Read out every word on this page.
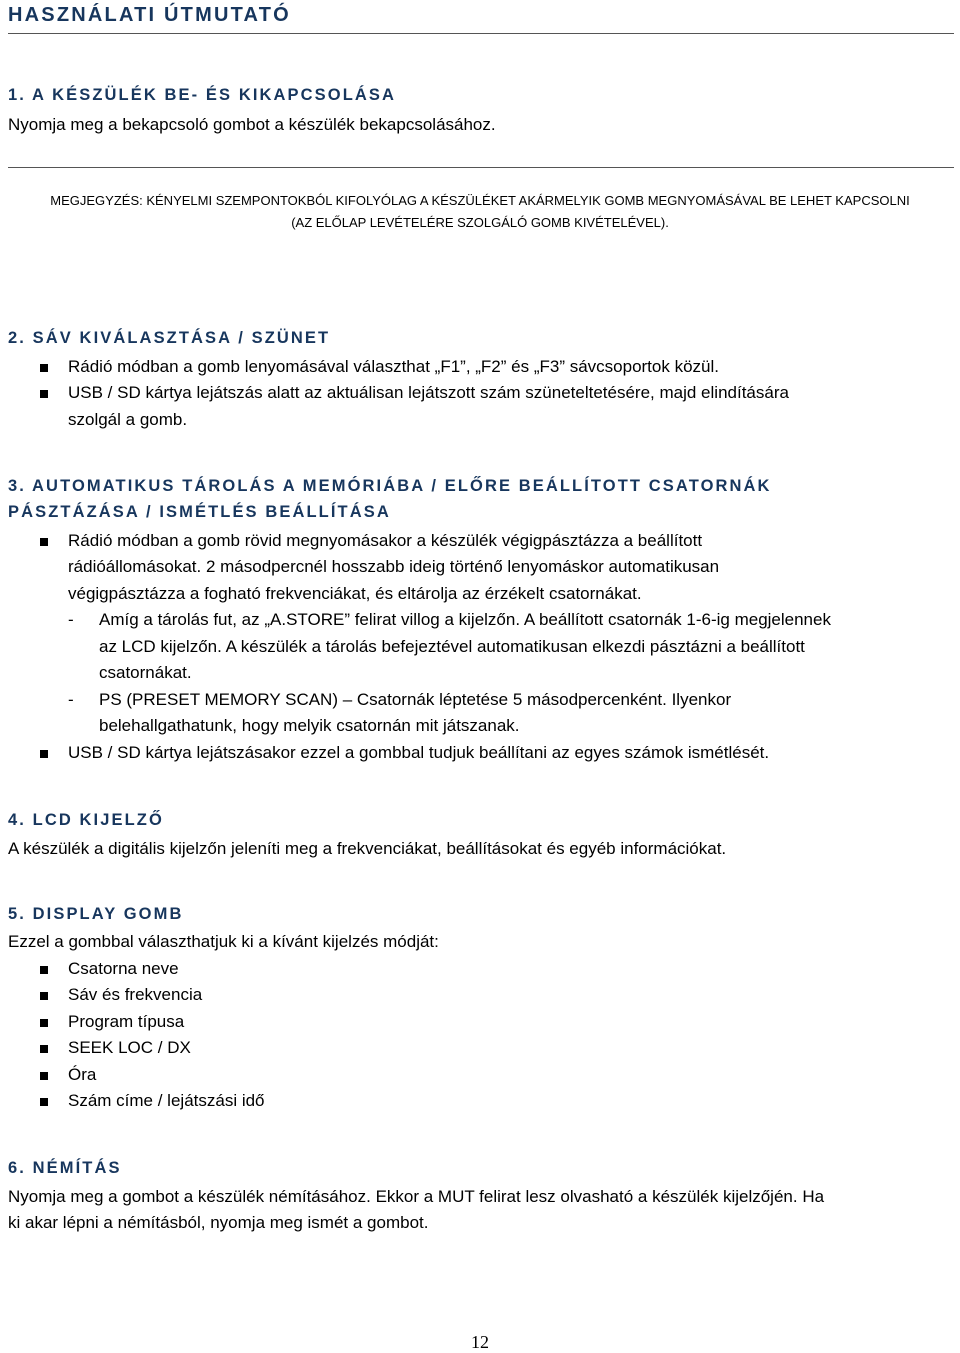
HASZNÁLATI ÚTMUTATÓ
1. A KÉSZÜLÉK BE- ÉS KIKAPCSOLÁSA
Nyomja meg a bekapcsoló gombot a készülék bekapcsolásához.
MEGJEGYZÉS: KÉNYELMI SZEMPONTOKBÓL KIFOLYÓLAG A KÉSZÜLÉKET AKÁRMELYIK GOMB MEGNYOMÁSÁVAL BE LEHET KAPCSOLNI
(AZ ELŐLAP LEVÉTELÉRE SZOLGÁLÓ GOMB KIVÉTELÉVEL).
2. SÁV KIVÁLASZTÁSA / SZÜNET
Rádió módban a gomb lenyomásával választhat „F1”, „F2” és „F3” sávcsoportok közül.
USB / SD kártya lejátszás alatt az aktuálisan lejátszott szám szüneteltetésére, majd elindítására
szolgál a gomb.
3. AUTOMATIKUS TÁROLÁS A MEMÓRIÁBA / ELŐRE BEÁLLÍTOTT CSATORNÁK
PÁSZTÁZÁSA / ISMÉTLÉS BEÁLLÍTÁSA
Rádió módban a gomb rövid megnyomásakor a készülék végigpásztázza a beállított
rádióállomásokat. 2 másodpercnél hosszabb ideig történő lenyomáskor automatikusan
végigpásztázza a fogható frekvenciákat, és eltárolja az érzékelt csatornákat.
- Amíg a tárolás fut, az „A.STORE” felirat villog a kijelzőn. A beállított csatornák 1-6-ig megjelennek
az LCD kijelzőn. A készülék a tárolás befejeztével automatikusan elkezdi pásztázni a beállított
csatornákat.
- PS (PRESET MEMORY SCAN) – Csatornák léptetése 5 másodpercenként. Ilyenkor
belehallgathatunk, hogy melyik csatornán mit játszanak.
USB / SD kártya lejátszásakor ezzel a gombbal tudjuk beállítani az egyes számok ismétlését.
4. LCD KIJELZŐ
A készülék a digitális kijelzőn jeleníti meg a frekvenciákat, beállításokat és egyéb információkat.
5. DISPLAY GOMB
Ezzel a gombbal választhatjuk ki a kívánt kijelzés módját:
Csatorna neve
Sáv és frekvencia
Program típusa
SEEK LOC / DX
Óra
Szám címe / lejátszási idő
6. NÉMÍTÁS
Nyomja meg a gombot a készülék némításához. Ekkor a MUT felirat lesz olvasható a készülék kijelzőjén. Ha
ki akar lépni a némításból, nyomja meg ismét a gombot.
12
